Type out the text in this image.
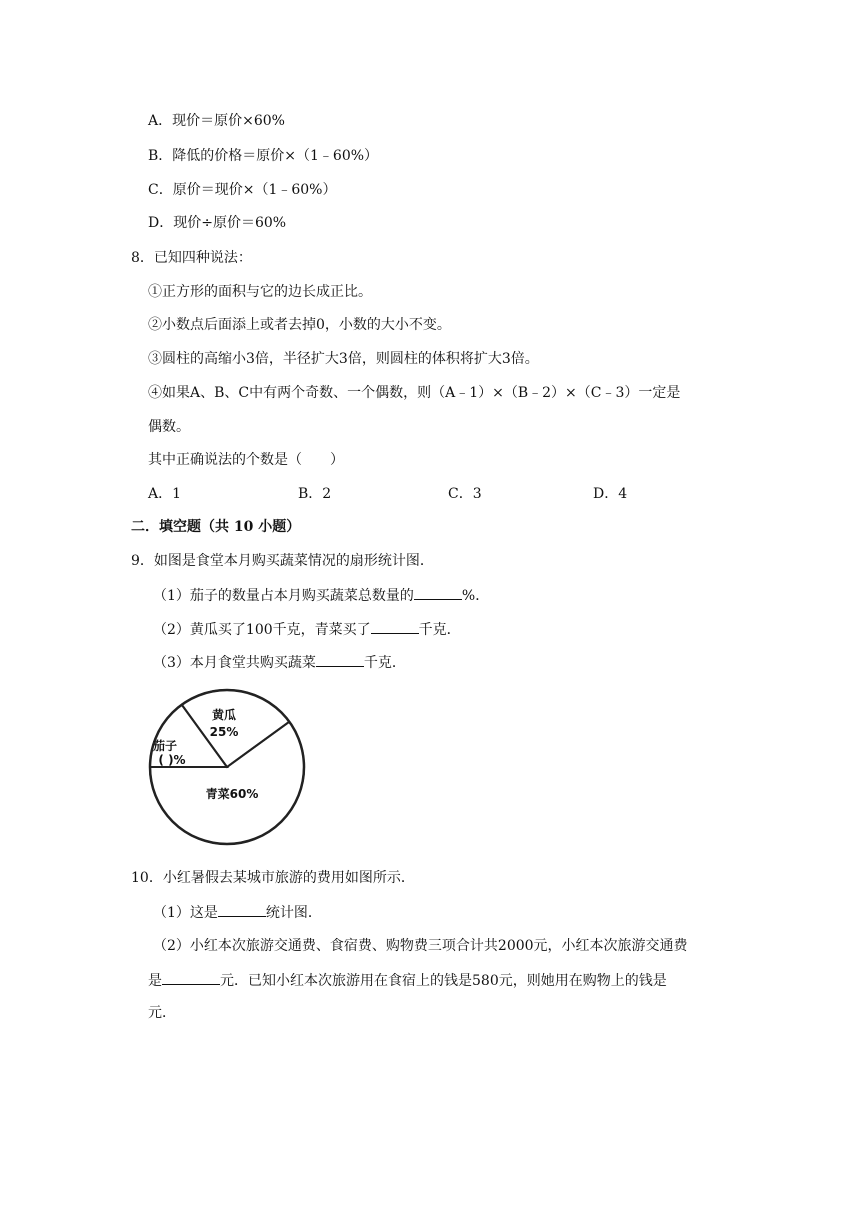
A．现价＝原价×60%
B．降低的价格＝原价×（1﹣60%）
C．原价＝现价×（1﹣60%）
D．现价÷原价＝60%
8．已知四种说法：
①正方形的面积与它的边长成正比。
②小数点后面添上或者去掉0，小数的大小不变。
③圆柱的高缩小3倍，半径扩大3倍，则圆柱的体积将扩大3倍。
④如果A、B、C中有两个奇数、一个偶数，则（A﹣1）×（B﹣2）×（C﹣3）一定是
偶数。
其中正确说法的个数是（　　）
A．1	B．2	C．3	D．4
二．填空题（共 10 小题）
9．如图是食堂本月购买蔬菜情况的扇形统计图．
（1）茄子的数量占本月购买蔬菜总数量的	%．
（2）黄瓜买了100千克，青菜买了	千克．
（3）本月食堂共购买蔬菜	千克．
黄瓜
25%
茄子
( )%
青菜60%
10．小红暑假去某城市旅游的费用如图所示．
（1）这是	统计图．
（2）小红本次旅游交通费、食宿费、购物费三项合计共2000元，小红本次旅游交通费
是	元．已知小红本次旅游用在食宿上的钱是580元，则她用在购物上的钱是
元．
